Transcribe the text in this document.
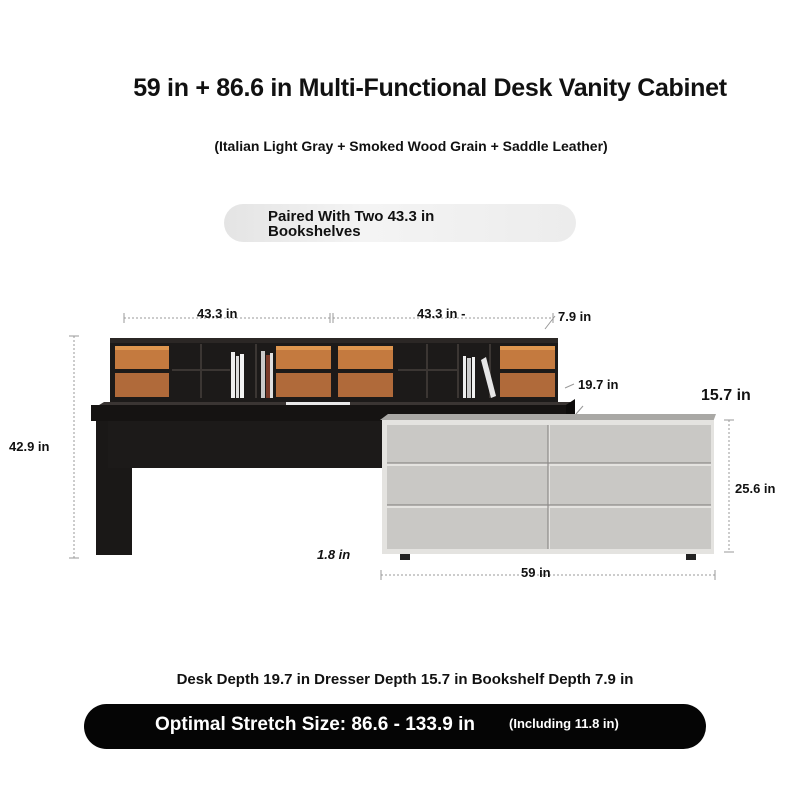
59 in + 86.6 in Multi-Functional Desk Vanity Cabinet
(Italian Light Gray + Smoked Wood Grain + Saddle Leather)
Paired With Two 43.3 in Bookshelves
43.3 in	43.3 in -	7.9 in
19.7 in
15.7 in
42.9 in
25.6 in
1.8 in
59 in
Desk Depth 19.7 in Dresser Depth 15.7 in Bookshelf Depth 7.9 in
Optimal Stretch Size: 86.6 - 133.9 in	(Including 11.8 in)
